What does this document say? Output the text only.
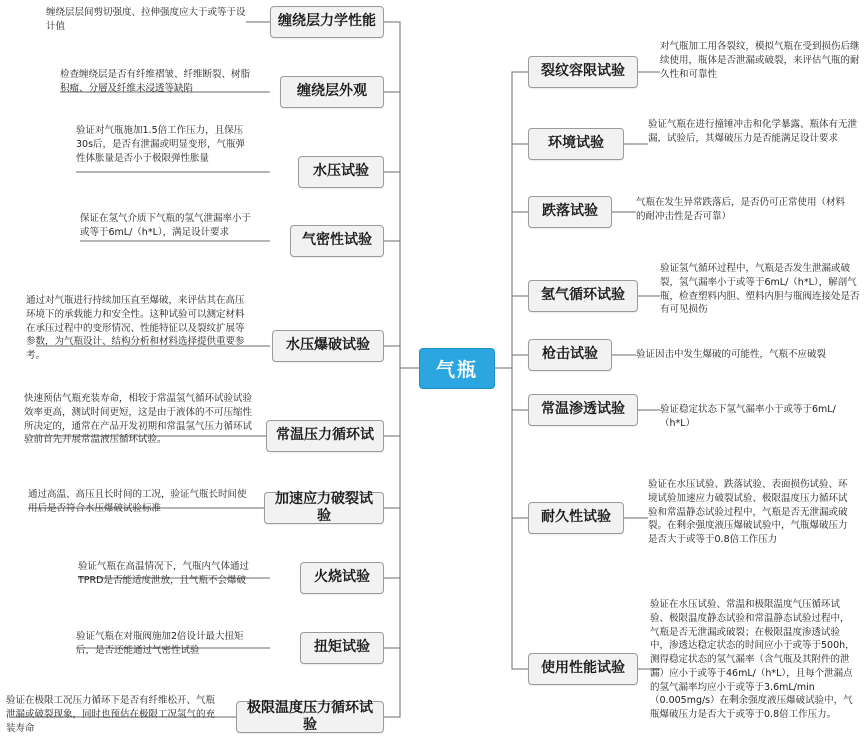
气瓶
缠绕层层间剪切强度、拉伸强度应大于或等于设计值
检查缠绕层是否有纤维褶皱、纤维断裂、树脂积瘤、分層及纤维未浸透等缺陷
验证对气瓶施加1.5倍工作压力，且保压30s后，是否有泄漏或明显变形，气瓶弹性体胀量是否小于极限弹性胀量
保证在氢气介质下气瓶的氢气泄漏率小于或等于6mL/（h*L），满足设计要求
通过对气瓶进行持续加压直至爆破，来评估其在高压环境下的承载能力和安全性。这种试验可以测定材料在承压过程中的变形情况、性能特征以及裂纹扩展等参数，为气瓶设计、结构分析和材料选择提供重要参考。
快速预估气瓶充装寿命，相较于常温氢气循环试验试验效率更高，测试时间更短，这是由于液体的不可压缩性所决定的，通常在产品开发初期和常温氢气压力循环试验前首先开展常温液压循环试验。
通过高温、高压且长时间的工况，验证气瓶长时间使用后是否符合水压爆破试验标准
验证气瓶在高温情况下，气瓶内气体通过TPRD是否能适度泄放，且气瓶不会爆破
验证气瓶在对瓶阀施加2倍设计最大扭矩后，是否还能通过气密性试验
验证在极限工况压力循环下是否有纤维松开、气瓶泄漏或破裂现象，同时也预估在极限工况氢气的充装寿命
缠绕层力学性能
缠绕层外观
水压试验
气密性试验
水压爆破试验
常温压力循环试
加速应力破裂试验
火烧试验
扭矩试验
极限温度压力循环试验
裂纹容限试验
环境试验
跌落试验
氢气循环试验
枪击试验
常温渗透试验
耐久性试验
使用性能试验
对气瓶加工用各裂纹，模拟气瓶在受到损伤后继续使用，瓶体是否泄漏或破裂，来评估气瓶的耐久性和可靠性
验证气瓶在进行撞锤冲击和化学暴露、瓶体有无泄漏，试验后，其爆破压力是否能满足设计要求
气瓶在发生异常跌落后，是否仍可正常使用（材料的耐冲击性是否可靠）
验证氢气循环过程中，气瓶是否发生泄漏或破裂，氢气漏率小于或等于6mL/（h*L），解剖气瓶，检查塑料内胆、塑料内胆与瓶阀连接处是否有可见损伤
验证因击中发生爆破的可能性，气瓶不应破裂
验证稳定状态下氢气漏率小于或等于6mL/（h*L）
验证在水压试验、跌落试验、表面损伤试验、环境试验加速应力破裂试验、极限温度压力循环试验和常温静态试验过程中，气瓶是否无泄漏或破裂。在剩余强度液压爆破试验中，气瓶爆破压力是否大于或等于0.8倍工作压力
验证在水压试验、常温和极限温度气压循环试验、极限温度静态试验和常温静态试验过程中，气瓶是否无泄漏或破裂；在极限温度渗透试验中，渗透达稳定状态的时间应小于或等于500h，测得稳定状态的氢气漏率（含气瓶及其附件的泄漏）应小于或等于46mL/（h*L），且每个泄漏点的氢气漏率均应小于或等于3.6mL/min（0.005mg/s）在剩余强度液压爆破试验中，气瓶爆破压力是否大于或等于0.8倍工作压力。
